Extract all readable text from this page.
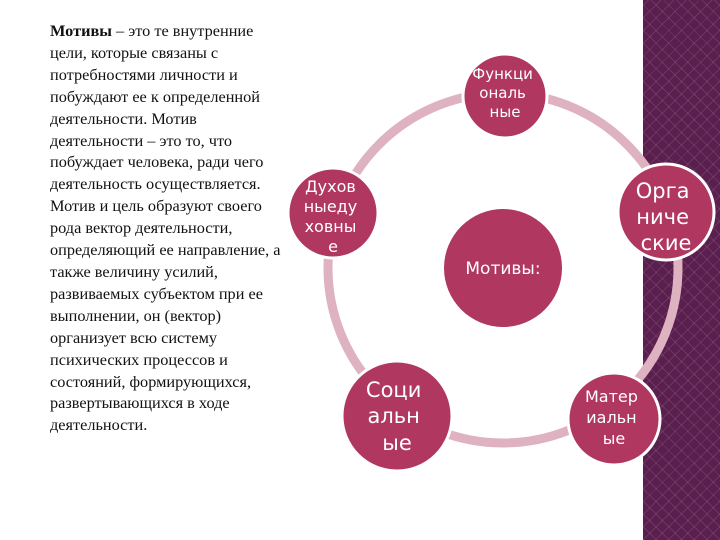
Мотивы – это те внутренние цели, которые связаны с потребностями личности и побуждают ее к определенной деятельности. Мотив деятельности – это то, что побуждает человека, ради чего деятельность осуществляется.

Мотив и цель образуют своего рода вектор деятельности, определяющий ее направление, а также величину усилий, развиваемых субъектом при ее выполнении, он (вектор) организует всю систему психических процессов и состояний, формирующихся, развертывающихся в ходе деятельности.

Мотивы:
Функци ональ ные
Орга ниче ские
Матер иальн ые
Соци альн ые
Духов ныеду ховны е
